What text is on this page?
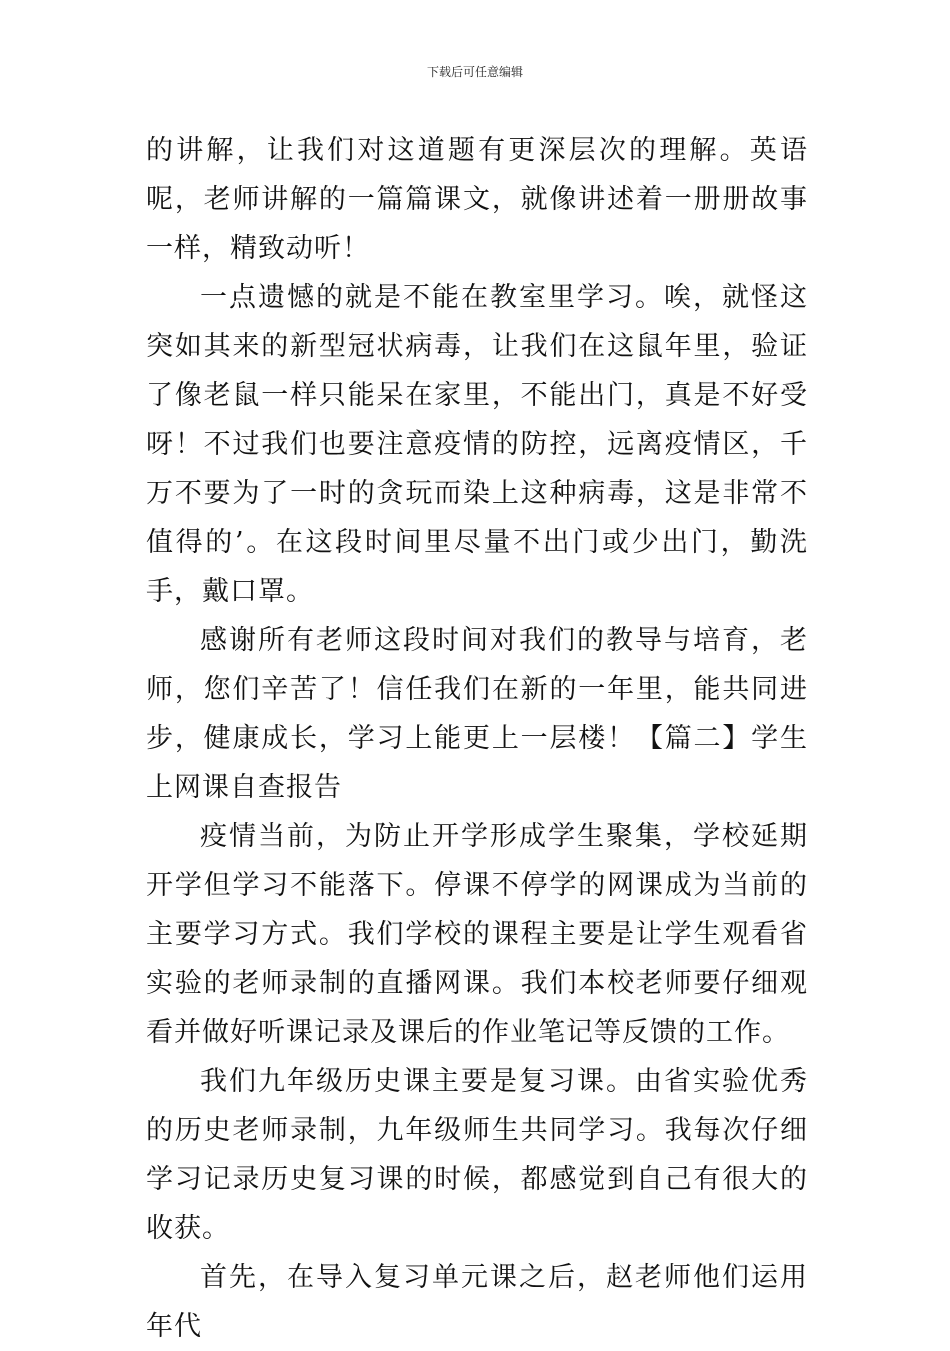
下载后可任意编辑

的讲解，让我们对这道题有更深层次的理解。英语呢，老师讲解的一篇篇课文，就像讲述着一册册故事一样，精致动听！

一点遗憾的就是不能在教室里学习。唉，就怪这突如其来的新型冠状病毒，让我们在这鼠年里，验证了像老鼠一样只能呆在家里，不能出门，真是不好受呀！不过我们也要注意疫情的防控，远离疫情区，千万不要为了一时的贪玩而染上这种病毒，这是非常不值得的’。在这段时间里尽量不出门或少出门，勤洗手，戴口罩。

感谢所有老师这段时间对我们的教导与培育，老师，您们辛苦了！信任我们在新的一年里，能共同进步，健康成长，学习上能更上一层楼！【篇二】学生上网课自查报告

疫情当前，为防止开学形成学生聚集，学校延期开学但学习不能落下。停课不停学的网课成为当前的主要学习方式。我们学校的课程主要是让学生观看省实验的老师录制的直播网课。我们本校老师要仔细观看并做好听课记录及课后的作业笔记等反馈的工作。

我们九年级历史课主要是复习课。由省实验优秀的历史老师录制，九年级师生共同学习。我每次仔细学习记录历史复习课的时候，都感觉到自己有很大的收获。

首先，在导入复习单元课之后，赵老师他们运用年代
